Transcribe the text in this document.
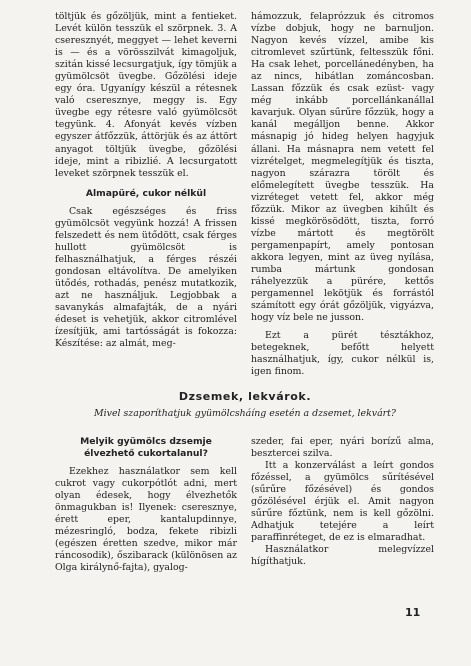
töltjük és gőzöljük, mint a fentieket. Levét külön tesszük el szörpnek. 3. A cseresznyét, meggyet — lehet keverni is — és a vörösszilvát kimagoljuk, szitán kissé lecsurgatjuk, így tömjük a gyümölcsöt üvegbe. Gőzölési ideje egy óra. Ugyanígy készül a rétesnek való cseresznye, meggy is. Egy üvegbe egy rétesre való gyümölcsöt tegyünk. 4. Afonyát kevés vízben egyszer átfőzzük, áttörjük és az áttört anyagot töltjük üvegbe, gőzölési ideje, mint a ribizlié. A lecsurgatott leveket szörpnek tesszük el.

Almapüré, cukor nélkül

Csak egészséges és friss gyümölcsöt vegyünk hozzá! A frissen felszedett és nem ütődött, csak férges hullott gyümölcsöt is felhasználhatjuk, a férges részéi gondosan eltávolítva. De amelyiken ütődés, rothadás, penész mutatkozik, azt ne használjuk. Legjobbak a savanykás almafajták, de a nyári édeset is vehetjük, akkor citromlével ízesítjük, ami tartósságát is fokozza: Készítése: az almát, meg-

hámozzuk, felaprózzuk és citromos vízbe dobjuk, hogy ne barnuljon. Nagyon kevés vízzel, amibe kis citromlevet szűrtünk, feltesszük főni. Ha csak lehet, porcellánedényben, ha az nincs, hibátlan zománcosban. Lassan főzzük és csak ezüst- vagy még inkább porcellánkanállal kavarjuk. Olyan sűrűre főzzük, hogy a kanál megálljon benne. Akkor másnapig jó hideg helyen hagyjuk állani. Ha másnapra nem vetett fel vizrételget, megmelegítjük és tiszta, nagyon szárazra törölt és előmelegített üvegbe tesszük. Ha vizréteget vetett fel, akkor még főzzük. Mikor az üvegben kihűlt és kissé megkörösödött, tiszta, forró vízbe mártott és megtörölt pergamenpapírt, amely pontosan akkora legyen, mint az üveg nyílása, rumba mártunk gondosan ráhelyezzük a pürére, kettős pergamennel lekötjük és forrástól számított egy órát gőzöljük, vigyázva, hogy víz bele ne jusson.

Ezt a pürét tésztákhoz, betegeknek, befőtt helyett használhatjuk, így, cukor nélkül is, igen finom.

Dzsemek, lekvárok.
Mivel szaporíthatjuk gyümölcsháíng esetén a dzsemet, lekvárt?
Melyik gyümölcs dzsemje élvezhető cukortalanul?

Ezekhez használatkor sem kell cukrot vagy cukorpótlót adni, mert olyan édesek, hogy élvezhetők önmagukban is! Ilyenek: cseresznye, érett eper, kantalupdinnye, mézesringló, bodza, fekete ribizli (egészen éretten szedve, mikor már ráncosodik), őszibarack (különösen az Olga királynő-fajta), gyalog-

szeder, fai eper, nyári borízű alma, besztercei szilva.

Itt a konzerválást a leírt gondos főzéssel, a gyümölcs sűrítésével (sűrűre főzésével) és gondos gőzölésével érjük el. Amit nagyon sűrűre főztünk, nem is kell gőzölni. Adhatjuk tetejére a leírt paraffinréteget, de ez is elmaradhat.

Használatkor melegvízzel hígíthatjuk.

11
